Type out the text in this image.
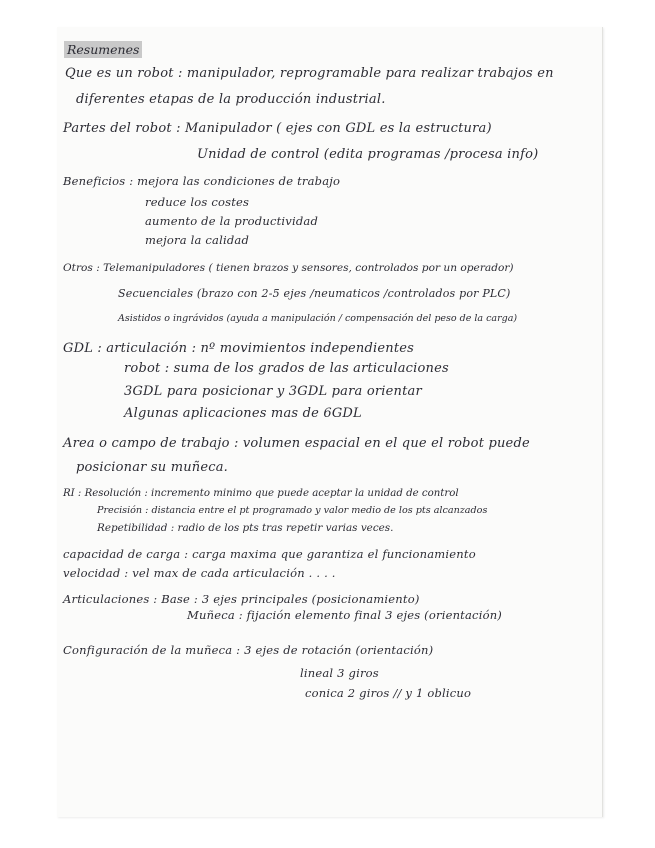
Resumenes
Que es un robot : manipulador, reprogramable para realizar trabajos en
diferentes etapas de la producción industrial.
Partes del robot : Manipulador ( ejes con GDL es la estructura)
Unidad de control (edita programas /procesa info)
Beneficios : mejora las condiciones de trabajo
reduce los costes
aumento de la productividad
mejora la calidad
Otros : Telemanipuladores ( tienen brazos y sensores, controlados por un operador)
Secuenciales (brazo con 2-5 ejes /neumaticos /controlados por PLC)
Asistidos o ingrávidos (ayuda a manipulación / compensación del peso de la carga)
GDL : articulación : nº movimientos independientes
robot : suma de los grados de las articulaciones
3GDL para posicionar y 3GDL para orientar
Algunas aplicaciones mas de 6GDL
Area o campo de trabajo : volumen espacial en el que el robot puede
posicionar su muñeca.
RI : Resolución : incremento minimo que puede aceptar la unidad de control
Precisión : distancia entre el pt programado y valor medio de los pts alcanzados
Repetibilidad : radio de los pts tras repetir varias veces.
capacidad de carga : carga maxima que garantiza el funcionamiento
velocidad : vel max de cada articulación . . . .
Articulaciones : Base : 3 ejes principales (posicionamiento)
Muñeca : fijación elemento final 3 ejes (orientación)
Configuración de la muñeca : 3 ejes de rotación (orientación)
lineal 3 giros
conica 2 giros // y 1 oblicuo
